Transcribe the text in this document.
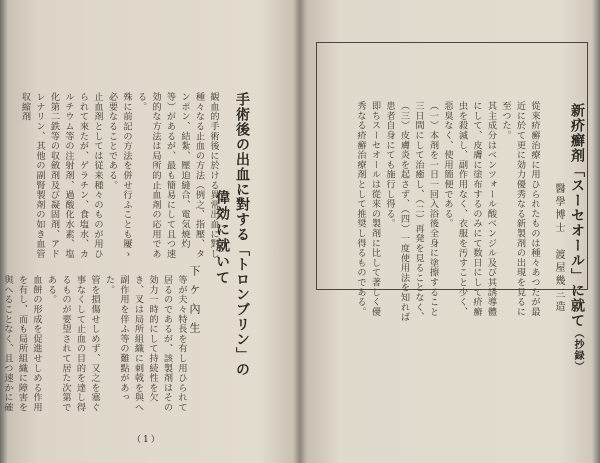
手術後の出血に對する「トロンブリン」の
偉効に就いて
下ケ內生

観血的手術後に於ける異常出血に對し種々なる止血の方法（例之、指壓、タンポン、結紮、壓迫縫合、電気焼灼等）があるが、最も簡易にして且つ速効的な方法は局所的止血剤の応用である。

殊に前記の方法を併せ行ふことも屢ゝ必要なることである。

止血剤としては従来種々のものが用ひられて來たが、ゲラチン、食塩水、カルチウム等の注射剤、過酸化水素、塩化第二鉄等の収斂剤及び凝固剤、アドレナリン、其他の副腎製剤の如き血管収縮剤

等が夫々特長を有し用ひられて居るのであるが、該製剤はその効力一時的にして持続性を欠き、叉は局所組織に刺戟を與へ副作用を伴ふ等の難點があった。

管を損傷せしめず、又之を塞ぐ事なくして止血の目的を達し得るものが要望されて居た次第である。

血餅の形成を促進せしめる作用を有し、而も局所組織に障害を與へることなく、且つ速かに確

（1）
新疥癬剤「スーセオール」に就て（抄録）
醫學博士 渡屋幾三造

從來疥癬治療に用ひられたものは種々あつたが最近に於て更に効力優秀なる新製剤の出現を見るに至つた。

其主成分はベンツォール酸ベンジル及び其誘導體にして、皮膚に塗布するのみにて数日にして疥癬虫を殺滅し、副作用なく、衣服を汚すこと少く、惡臭なく、使用簡便である。

（一）本剤を一日一回入浴後全身に塗擦すること三日間にして治癒し、（二）再発を見ることなく、（三）皮膚炎を起さず、（四）一度使用法を知れば患者自身にても施行し得る。

即ちスーセオールは從来の製剤に比して著しく優秀なる疥癬治療剤として推奨し得るものである。
